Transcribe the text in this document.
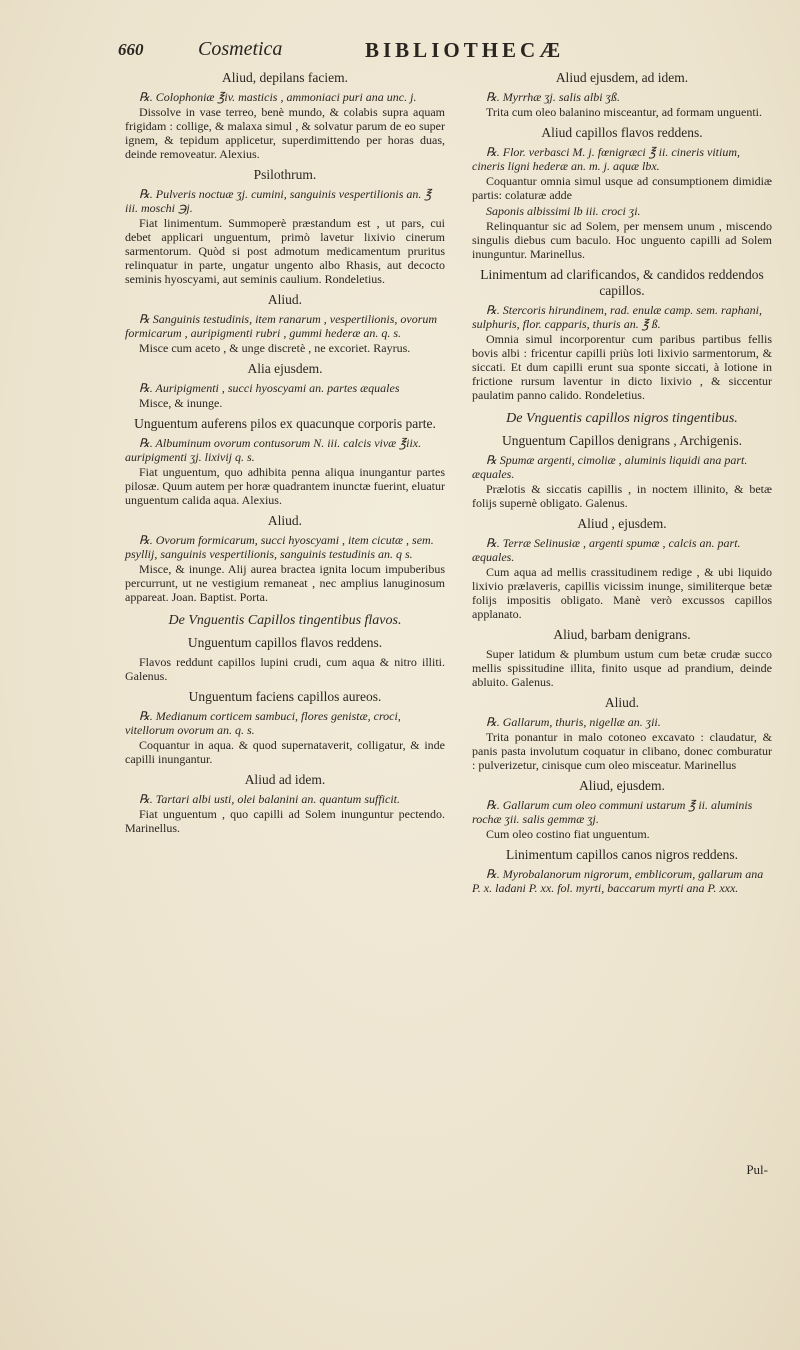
660	Cosmetica	BIBLIOTHECÆ
Aliud, depilans faciem.
℞. Colophoniæ ℥iv. masticis , ammoniaci puri ana unc. j.
Dissolve in vase terreo, benè mundo, & colabis supra aquam frigidam : collige, & malaxa simul , & solvatur parum de eo super ignem, & tepidum applicetur, superdimittendo per horas duas, deinde removeatur. Alexius.
Psilothrum.
℞. Pulveris noctuæ ʒj. cumini, sanguinis vespertilionis an. ℥ iii. moschi ℈j.
Fiat linimentum. Summoperè præstandum est , ut pars, cui debet applicari unguentum, primò lavetur lixivio cinerum sarmentorum. Quòd si post admotum medicamentum pruritus relinquatur in parte, ungatur ungento albo Rhasis, aut decocto seminis hyoscyami, aut seminis caulium. Rondeletius.
Aliud.
℞ Sanguinis testudinis, item ranarum , vespertilionis, ovorum formicarum , auripigmenti rubri , gummi hederæ an. q. s.
Misce cum aceto , & unge discretè , ne excoriet. Rayrus.
Alia ejusdem.
℞. Auripigmenti , succi hyoscyami an. partes æquales
Misce, & inunge.
Unguentum auferens pilos ex quacunque corporis parte.
℞. Albuminum ovorum contusorum N. iii. calcis vivæ ℥iix. auripigmenti ʒj. lixivij q. s.
Fiat unguentum, quo adhibita penna aliqua inungantur partes pilosæ. Quum autem per horæ quadrantem inunctæ fuerint, eluatur unguentum calida aqua. Alexius.
Aliud.
℞. Ovorum formicarum, succi hyoscyami , item cicutæ , sem. psyllij, sanguinis vespertilionis, sanguinis testudinis an. q s.
Misce, & inunge. Alij aurea bractea ignita locum impuberibus percurrunt, ut ne vestigium remaneat , nec amplius lanuginosum appareat. Joan. Baptist. Porta.
De Vnguentis Capillos tingentibus flavos.
Unguentum capillos flavos reddens.
Flavos reddunt capillos lupini crudi, cum aqua & nitro illiti. Galenus.
Unguentum faciens capillos aureos.
℞. Medianum corticem sambuci, flores genistæ, croci, vitellorum ovorum an. q. s.
Coquantur in aqua. & quod supernataverit, colligatur, & inde capilli inungantur.
Aliud ad idem.
℞. Tartari albi usti, olei balanini an. quantum sufficit.
Fiat unguentum , quo capilli ad Solem inunguntur pectendo. Marinellus.
Aliud ejusdem, ad idem.
℞. Myrrhæ ʒj. salis albi ʒß.
Trita cum oleo balanino misceantur, ad formam unguenti.
Aliud capillos flavos reddens.
℞. Flor. verbasci M. j. fœnigræci ℥ ii. cineris vitium, cineris ligni hederæ an. m. j. aquæ lbx.
Coquantur omnia simul usque ad consumptionem dimidiæ partis: colaturæ adde
Saponis albissimi lb iii. croci ʒi.
Relinquantur sic ad Solem, per mensem unum , miscendo singulis diebus cum baculo. Hoc unguento capilli ad Solem inunguntur. Marinellus.
Linimentum ad clarificandos, & candidos reddendos capillos.
℞. Stercoris hirundinem, rad. enulæ camp. sem. raphani, sulphuris, flor. capparis, thuris an. ℥ ß.
Omnia simul incorporentur cum paribus partibus fellis bovis albi : fricentur capilli priùs loti lixivio sarmentorum, & siccati. Et dum capilli erunt sua sponte siccati, à lotione in frictione rursum laventur in dicto lixivio , & siccentur paulatim panno calido. Rondeletius.
De Vnguentis capillos nigros tingentibus.
Unguentum Capillos denigrans , Archigenis.
℞ Spumæ argenti, cimoliæ , aluminis liquidi ana part. æquales.
Prælotis & siccatis capillis , in noctem illinito, & betæ folijs supernè obligato. Galenus.
Aliud , ejusdem.
℞. Terræ Selinusiæ , argenti spumæ , calcis an. part. æquales.
Cum aqua ad mellis crassitudinem redige , & ubi liquido lixivio prælaveris, capillis vicissim inunge, similiterque betæ folijs impositis obligato. Manè verò excussos capillos applanato.
Aliud, barbam denigrans.
Super latidum & plumbum ustum cum betæ crudæ succo mellis spissitudine illita, finito usque ad prandium, deinde abluito. Galenus.
Aliud.
℞. Gallarum, thuris, nigellæ an. ʒii.
Trita ponantur in malo cotoneo excavato : claudatur, & panis pasta involutum coquatur in clibano, donec comburatur : pulverizetur, cinisque cum oleo misceatur. Marinellus
Aliud, ejusdem.
℞. Gallarum cum oleo communi ustarum ℥ ii. aluminis rochæ ʒii. salis gemmæ ʒj.
Cum oleo costino fiat unguentum.
Linimentum capillos canos nigros reddens.
℞. Myrobalanorum nigrorum, emblicorum, gallarum ana P. x. ladani P. xx. fol. myrti, baccarum myrti ana P. xxx.
Pul-
